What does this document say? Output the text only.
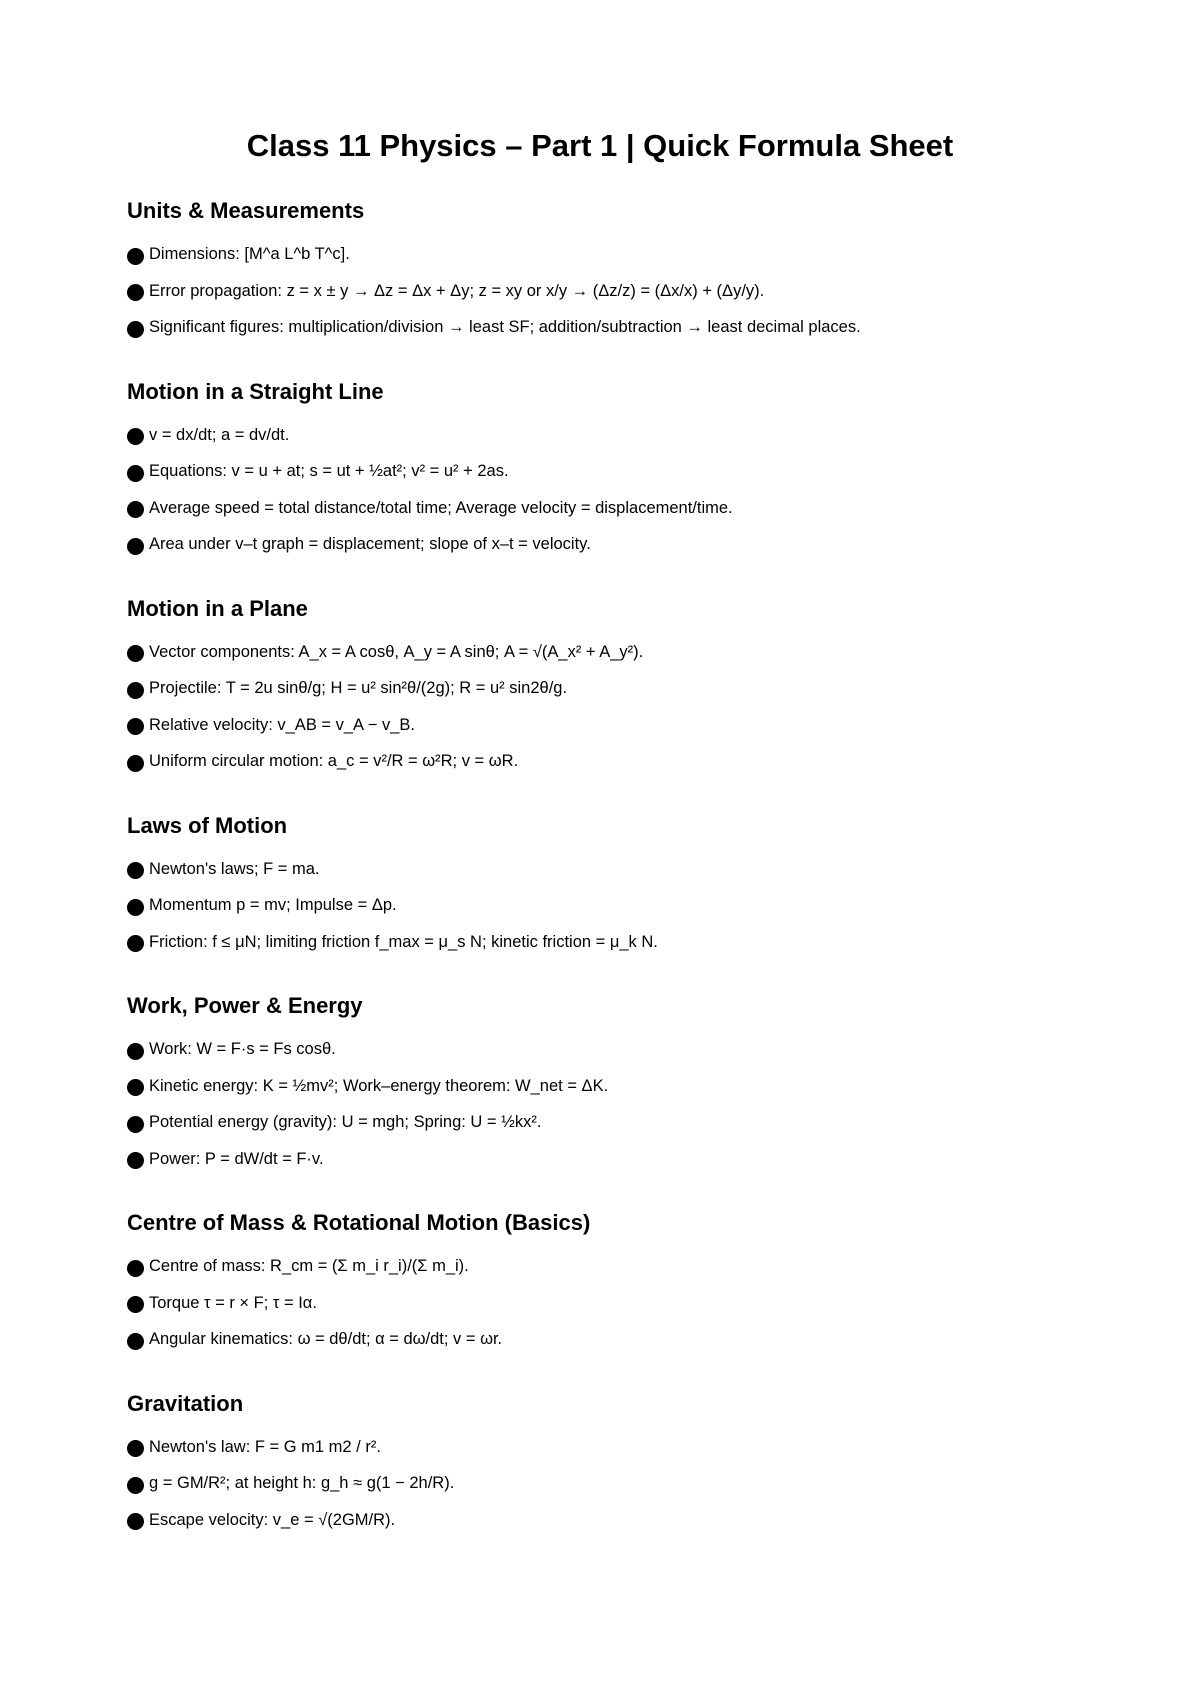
Class 11 Physics – Part 1 | Quick Formula Sheet
Units & Measurements
Dimensions: [M^a L^b T^c].
Error propagation: z = x ± y → Δz = Δx + Δy; z = xy or x/y → (Δz/z) = (Δx/x) + (Δy/y).
Significant figures: multiplication/division → least SF; addition/subtraction → least decimal places.
Motion in a Straight Line
v = dx/dt; a = dv/dt.
Equations: v = u + at; s = ut + ½at²; v² = u² + 2as.
Average speed = total distance/total time; Average velocity = displacement/time.
Area under v–t graph = displacement; slope of x–t = velocity.
Motion in a Plane
Vector components: A_x = A cosθ, A_y = A sinθ; A = √(A_x² + A_y²).
Projectile: T = 2u sinθ/g; H = u² sin²θ/(2g); R = u² sin2θ/g.
Relative velocity: v_AB = v_A − v_B.
Uniform circular motion: a_c = v²/R = ω²R; v = ωR.
Laws of Motion
Newton's laws; F = ma.
Momentum p = mv; Impulse = Δp.
Friction: f ≤ μN; limiting friction f_max = μ_s N; kinetic friction = μ_k N.
Work, Power & Energy
Work: W = F·s = Fs cosθ.
Kinetic energy: K = ½mv²; Work–energy theorem: W_net = ΔK.
Potential energy (gravity): U = mgh; Spring: U = ½kx².
Power: P = dW/dt = F·v.
Centre of Mass & Rotational Motion (Basics)
Centre of mass: R_cm = (Σ m_i r_i)/(Σ m_i).
Torque τ = r × F; τ = Iα.
Angular kinematics: ω = dθ/dt; α = dω/dt; v = ωr.
Gravitation
Newton's law: F = G m1 m2 / r².
g = GM/R²; at height h: g_h ≈ g(1 − 2h/R).
Escape velocity: v_e = √(2GM/R).
